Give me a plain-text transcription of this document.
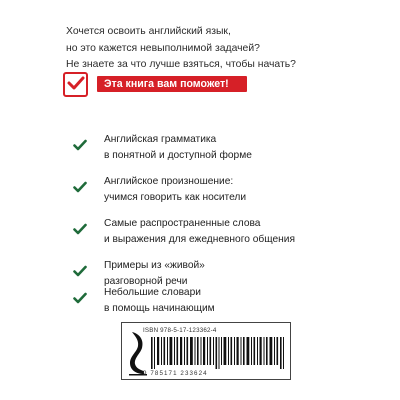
Хочется освоить английский язык,
но это кажется невыполнимой задачей?
Не знаете за что лучше взяться, чтобы начать?
Эта книга вам поможет!
Английская грамматика
в понятной и доступной форме
Английское произношение:
учимся говорить как носители
Самые распространенные слова
и выражения для ежедневного общения
Примеры из «живой»
разговорной речи
Небольшие словари
в помощь начинающим
ISBN 978-5-17-123362-4
9 785171 233624
